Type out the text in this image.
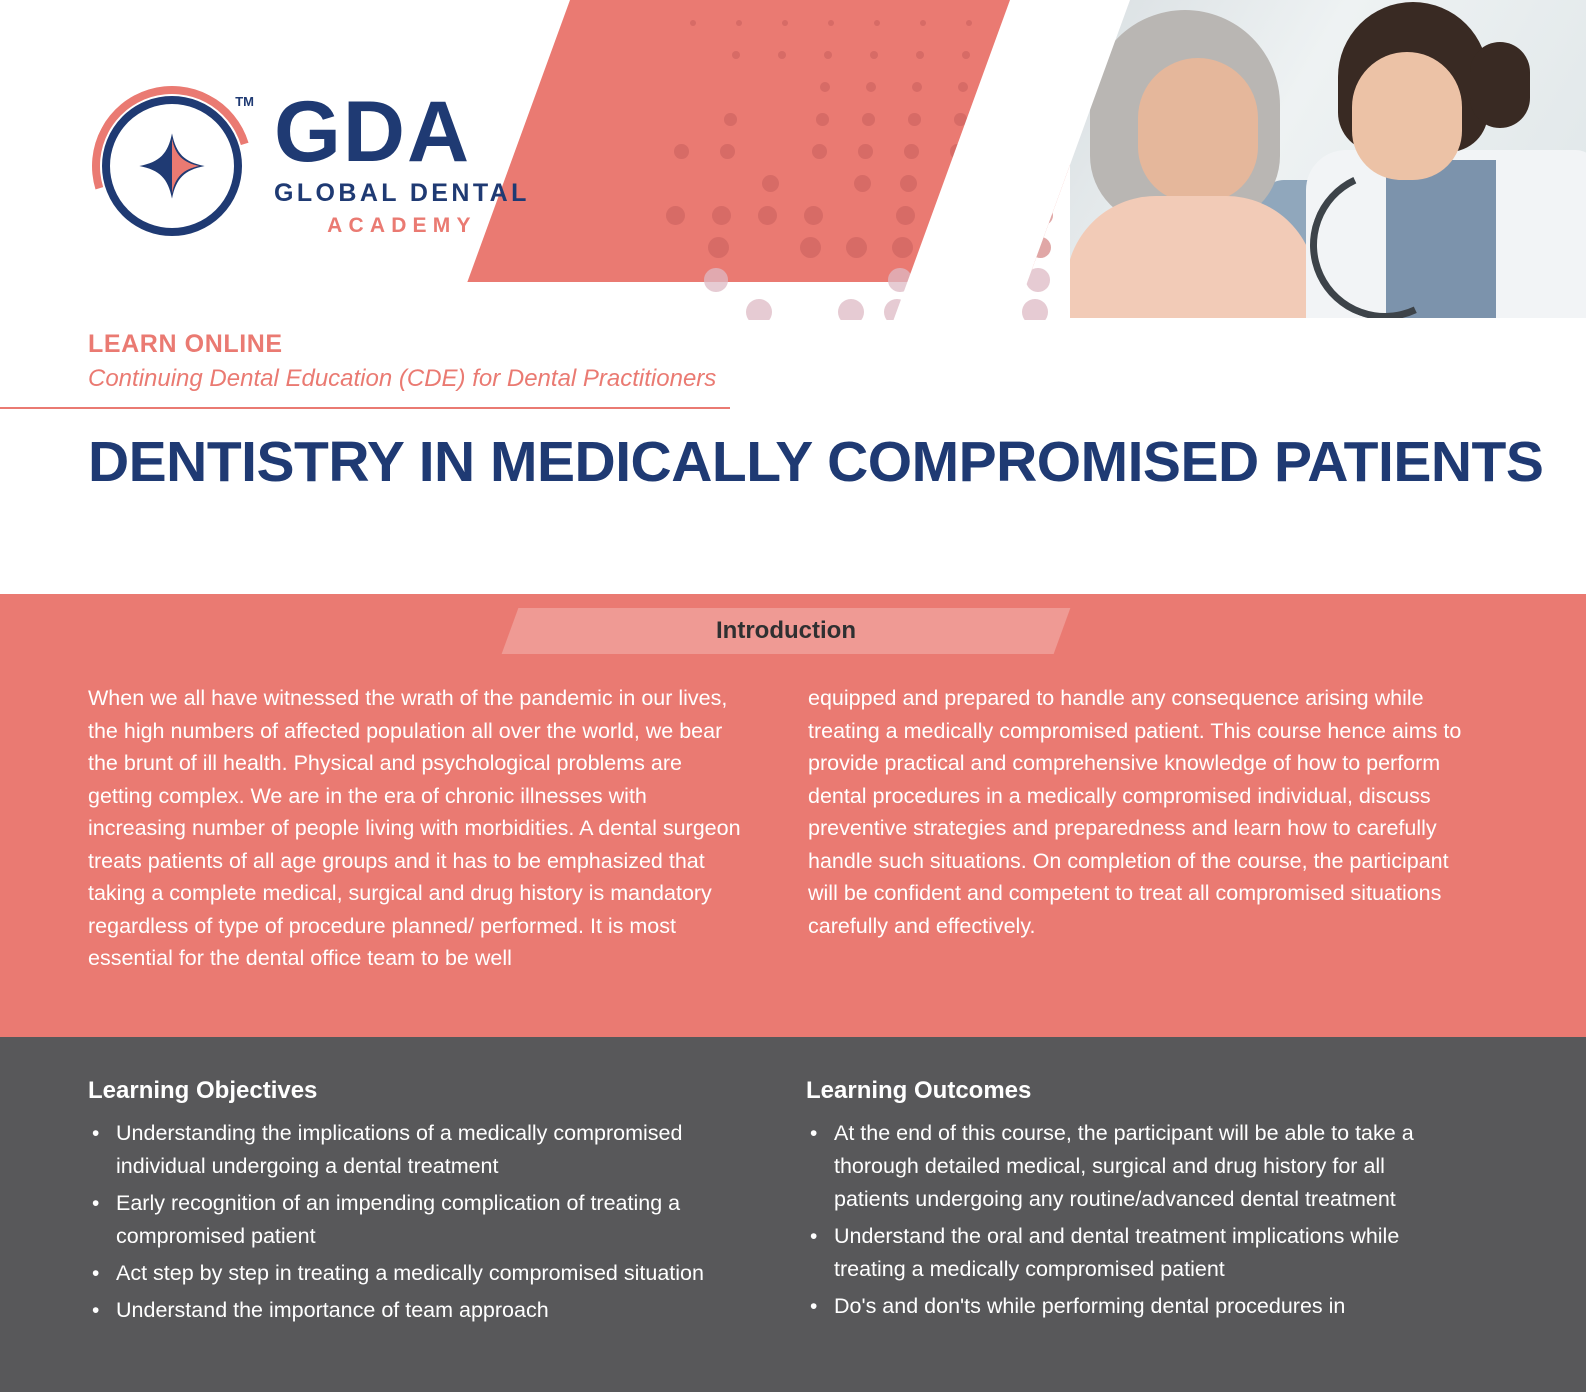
TM GDA
GLOBAL DENTAL
ACADEMY
LEARN ONLINE
Continuing Dental Education (CDE) for Dental Practitioners
DENTISTRY IN MEDICALLY COMPROMISED PATIENTS
Introduction

When we all have witnessed the wrath of the pandemic in our lives, the high numbers of affected population all over the world, we bear the brunt of ill health. Physical and psychological problems are getting complex. We are in the era of chronic illnesses with increasing number of people living with morbidities. A dental surgeon treats patients of all age groups and it has to be emphasized that taking a complete medical, surgical and drug history is mandatory regardless of type of procedure planned/ performed. It is most essential for the dental office team to be well

equipped and prepared to handle any consequence arising while treating a medically compromised patient. This course hence aims to provide practical and comprehensive knowledge of how to perform dental procedures in a medically compromised individual, discuss preventive strategies and preparedness and learn how to carefully handle such situations. On completion of the course, the participant will be confident and competent to treat all compromised situations carefully and effectively.

Learning Objectives
• Understanding the implications of a medically compromised individual undergoing a dental treatment
• Early recognition of an impending complication of treating a compromised patient
• Act step by step in treating a medically compromised situation
• Understand the importance of team approach
Learning Outcomes
• At the end of this course, the participant will be able to take a thorough detailed medical, surgical and drug history for all patients undergoing any routine/advanced dental treatment
• Understand the oral and dental treatment implications while treating a medically compromised patient
• Do's and don'ts while performing dental procedures in
